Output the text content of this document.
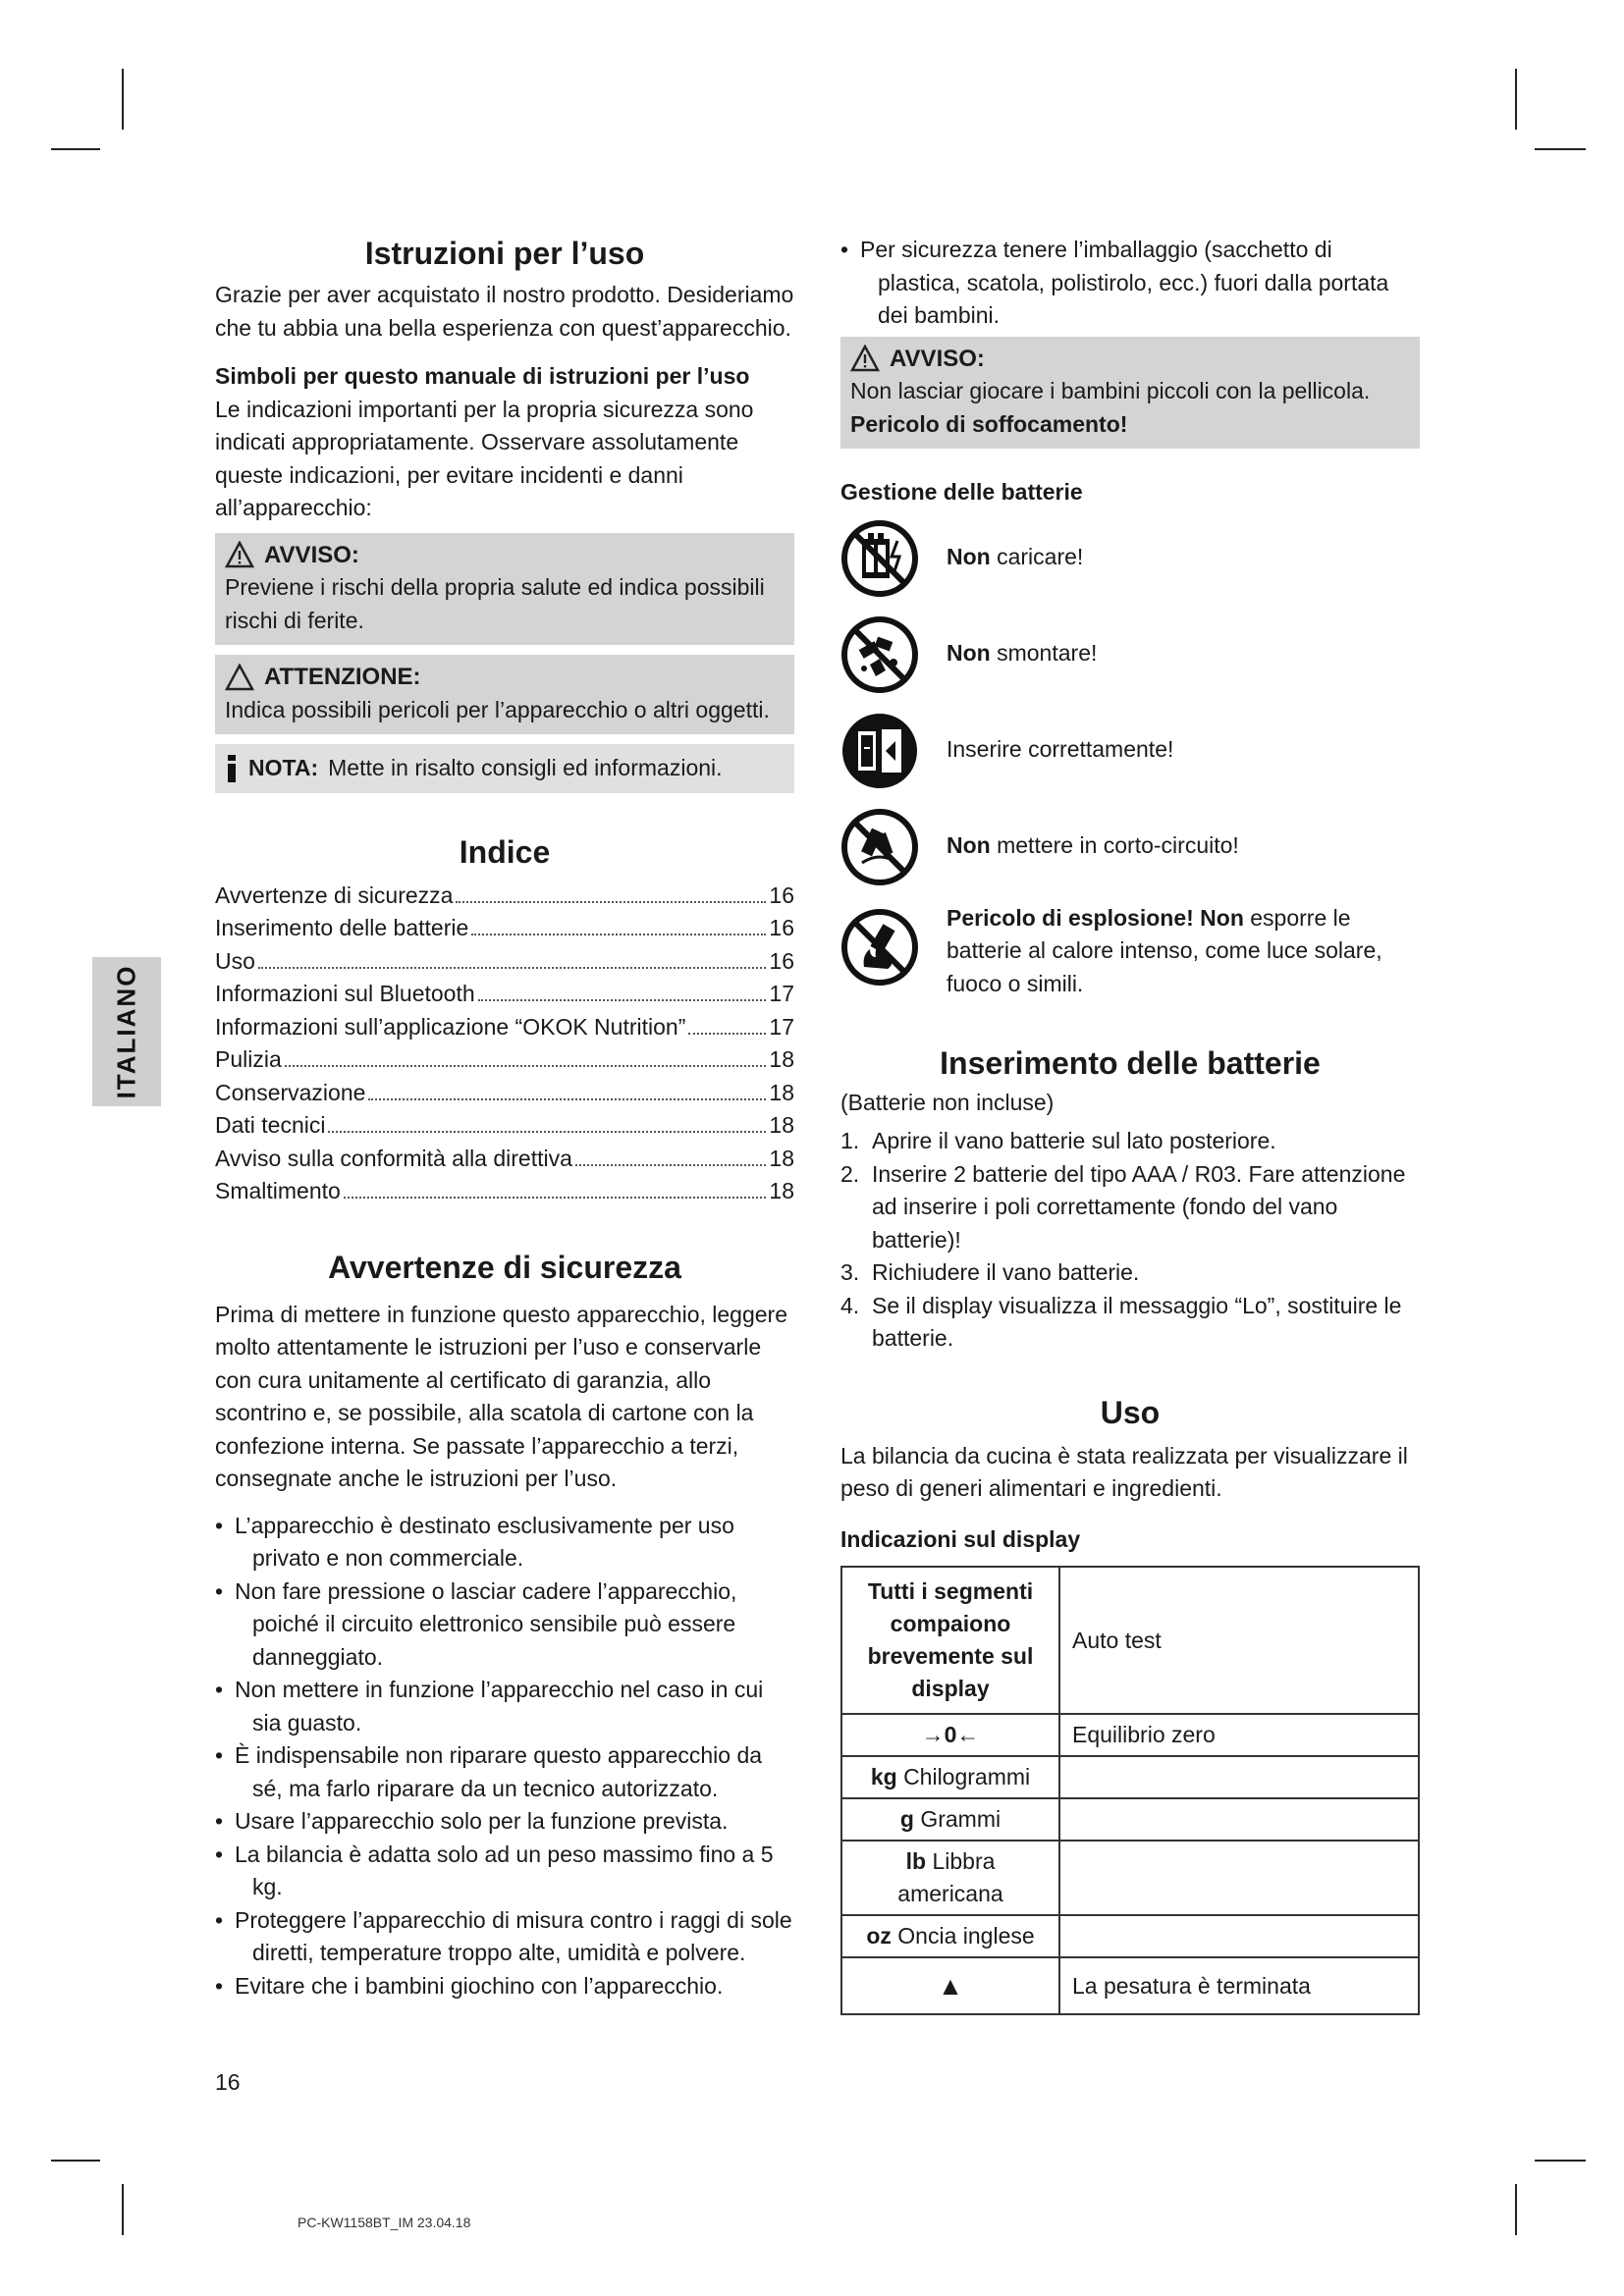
ITALIANO
Istruzioni per l’uso

Grazie per aver acquistato il nostro prodotto. Desideriamo che tu abbia una bella esperienza con quest’apparecchio.

Simboli per questo manuale di istruzioni per l’uso

Le indicazioni importanti per la propria sicurezza sono indicati appropriatamente. Osservare assolutamente queste indicazioni, per evitare incidenti e danni all’apparecchio:

AVVISO:

Previene i rischi della propria salute ed indica possibili rischi di ferite.

ATTENZIONE:

Indica possibili pericoli per l’apparecchio o altri oggetti.

NOTA: Mette in risalto consigli ed informazioni.
Indice
Avvertenze di sicurezza	16
Inserimento delle batterie	16
Uso	16
Informazioni sul Bluetooth	17
Informazioni sull’applicazione “OKOK Nutrition”	17
Pulizia	18
Conservazione	18
Dati tecnici	18
Avviso sulla conformità alla direttiva	18
Smaltimento	18
Avvertenze di sicurezza

Prima di mettere in funzione questo apparecchio, leggere molto attentamente le istruzioni per l’uso e conservarle con cura unitamente al certificato di garanzia, allo scontrino e, se possibile, alla scatola di cartone con la confezione interna. Se passate l’apparecchio a terzi, consegnate anche le istruzioni per l’uso.

• L’apparecchio è destinato esclusivamente per uso privato e non commerciale.
• Non fare pressione o lasciar cadere l’apparecchio, poiché il circuito elettronico sensibile può essere danneggiato.
• Non mettere in funzione l’apparecchio nel caso in cui sia guasto.
• È indispensabile non riparare questo apparecchio da sé, ma farlo riparare da un tecnico autorizzato.
• Usare l’apparecchio solo per la funzione prevista.
• La bilancia è adatta solo ad un peso massimo fino a 5 kg.
• Proteggere l’apparecchio di misura contro i raggi di sole diretti, temperature troppo alte, umidità e polvere.
• Evitare che i bambini giochino con l’apparecchio.
• Per sicurezza tenere l’imballaggio (sacchetto di plastica, scatola, polistirolo, ecc.) fuori dalla portata dei bambini.
AVVISO:

Non lasciar giocare i bambini piccoli con la pellicola.

Pericolo di soffocamento!

Gestione delle batterie
Non caricare!
Non smontare!
Inserire correttamente!
Non mettere in corto-circuito!
Pericolo di esplosione! Non esporre le batterie al calore intenso, come luce solare, fuoco o simili.
Inserimento delle batterie

(Batterie non incluse)

1. Aprire il vano batterie sul lato posteriore.
2. Inserire 2 batterie del tipo AAA / R03. Fare attenzione ad inserire i poli correttamente (fondo del vano batterie)!
3. Richiudere il vano batterie.
4. Se il display visualizza il messaggio “Lo”, sostituire le batterie.
Uso

La bilancia da cucina è stata realizzata per visualizzare il peso di generi alimentari e ingredienti.

Indicazioni sul display
Tutti i segmenti compaiono brevemente sul display	Auto test
→0←	Equilibrio zero
kg Chilogrammi	
g Grammi	
lb Libbra americana	
oz Oncia inglese	
▲	La pesatura è terminata
16
PC-KW1158BT_IM 23.04.18
